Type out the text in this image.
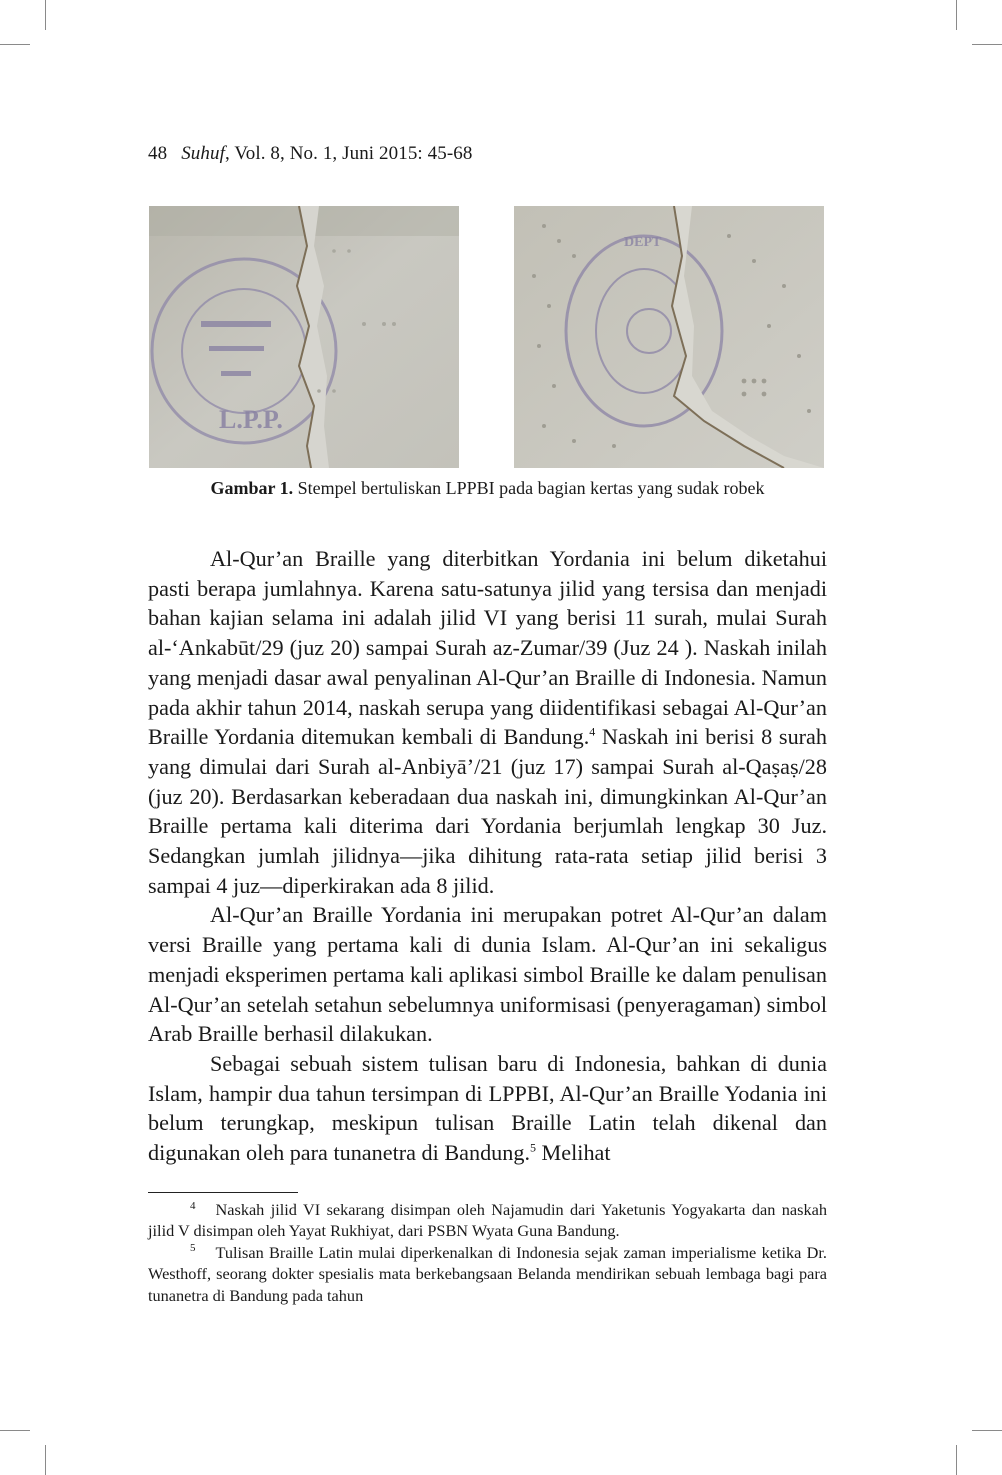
48 Suhuf, Vol. 8, No. 1, Juni 2015: 45-68
L.P.P.
DEPT
Gambar 1. Stempel bertuliskan LPPBI pada bagian kertas yang sudak robek

Al-Qur’an Braille yang diterbitkan Yordania ini belum diketahui pasti berapa jumlahnya. Karena satu-satunya jilid yang tersisa dan menjadi bahan kajian selama ini adalah jilid VI yang berisi 11 surah, mulai Surah al-‘Ankabūt/29 (juz 20) sampai Surah az-Zumar/39 (Juz 24 ). Naskah inilah yang menjadi dasar awal penyalinan Al-Qur’an Braille di Indonesia. Namun pada akhir tahun 2014, naskah serupa yang diidentifikasi sebagai Al-Qur’an Braille Yordania ditemukan kembali di Bandung.$^4$ Naskah ini berisi 8 surah yang dimulai dari Surah al-Anbiyā’/21 (juz 17) sampai Surah al-Qaṣaṣ/28 (juz 20). Berdasarkan keberadaan dua naskah ini, dimungkinkan Al-Qur’an Braille pertama kali diterima dari Yordania berjumlah lengkap 30 Juz. Sedangkan jumlah jilidnya—jika dihitung rata-rata setiap jilid berisi 3 sampai 4 juz—diperkirakan ada 8 jilid.

Al-Qur’an Braille Yordania ini merupakan potret Al-Qur’an dalam versi Braille yang pertama kali di dunia Islam. Al-Qur’an ini sekaligus menjadi eksperimen pertama kali aplikasi simbol Braille ke dalam penulisan Al-Qur’an setelah setahun sebelumnya uniformisasi (penyeragaman) simbol Arab Braille berhasil dilakukan.

Sebagai sebuah sistem tulisan baru di Indonesia, bahkan di dunia Islam, hampir dua tahun tersimpan di LPPBI, Al-Qur’an Braille Yodania ini belum terungkap, meskipun tulisan Braille Latin telah dikenal dan digunakan oleh para tunanetra di Bandung.$^5$ Melihat

$^4$ Naskah jilid VI sekarang disimpan oleh Najamudin dari Yaketunis Yogyakarta dan naskah jilid V disimpan oleh Yayat Rukhiyat, dari PSBN Wyata Guna Bandung.

$^5$ Tulisan Braille Latin mulai diperkenalkan di Indonesia sejak zaman imperialisme ketika Dr. Westhoff, seorang dokter spesialis mata berkebangsaan Belanda mendirikan sebuah lembaga bagi para tunanetra di Bandung pada tahun
